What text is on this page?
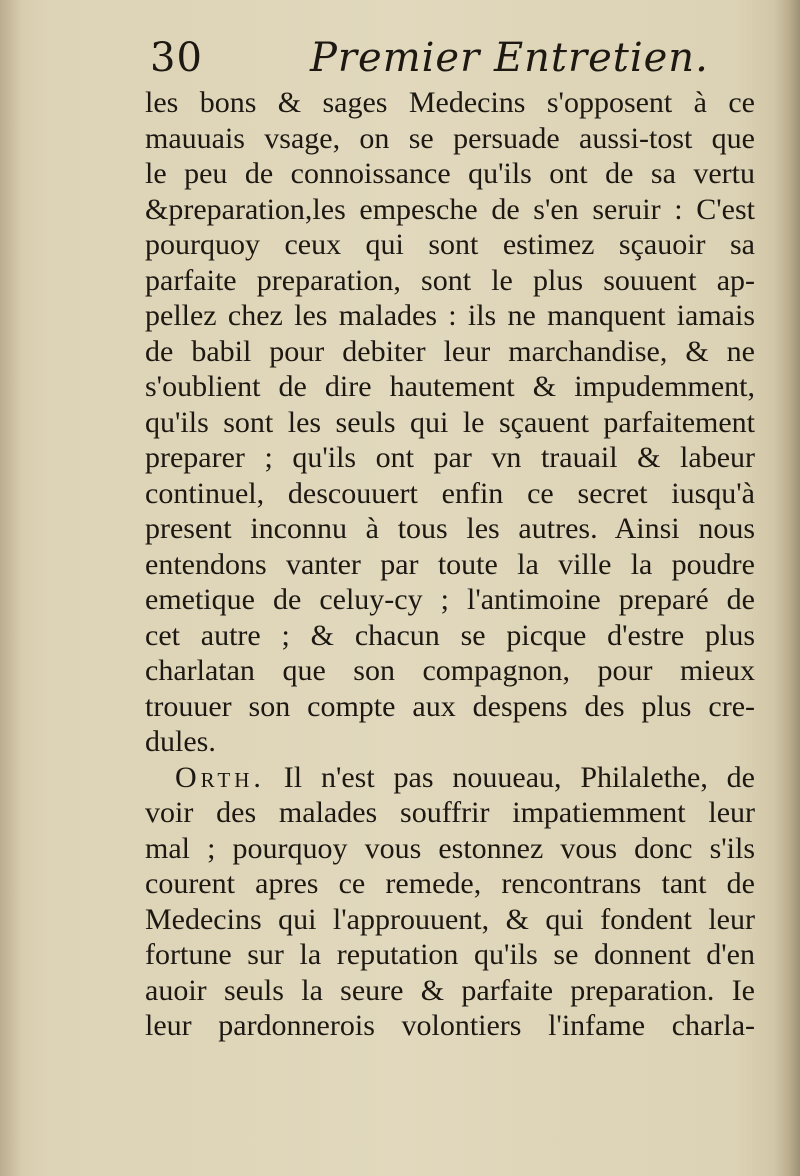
30	Premier Entretien.
les bons & sages Medecins s'opposent à ce
mauuais vsage, on se persuade aussi-tost que
le peu de connoissance qu'ils ont de sa vertu
&preparation,les empesche de s'en seruir : C'est
pourquoy ceux qui sont estimez sçauoir sa
parfaite preparation, sont le plus souuent ap-
pellez chez les malades : ils ne manquent iamais
de babil pour debiter leur marchandise, & ne
s'oublient de dire hautement & impudemment,
qu'ils sont les seuls qui le sçauent parfaitement
preparer ; qu'ils ont par vn trauail & labeur
continuel, descouuert enfin ce secret iusqu'à
present inconnu à tous les autres. Ainsi nous
entendons vanter par toute la ville la poudre
emetique de celuy-cy ; l'antimoine preparé de
cet autre ; & chacun se picque d'estre plus
charlatan que son compagnon, pour mieux
trouuer son compte aux despens des plus cre-
dules.
Orth. Il n'est pas nouueau, Philalethe, de
voir des malades souffrir impatiemment leur
mal ; pourquoy vous estonnez vous donc s'ils
courent apres ce remede, rencontrans tant de
Medecins qui l'approuuent, & qui fondent leur
fortune sur la reputation qu'ils se donnent d'en
auoir seuls la seure & parfaite preparation. Ie
leur pardonnerois volontiers l'infame charla-
